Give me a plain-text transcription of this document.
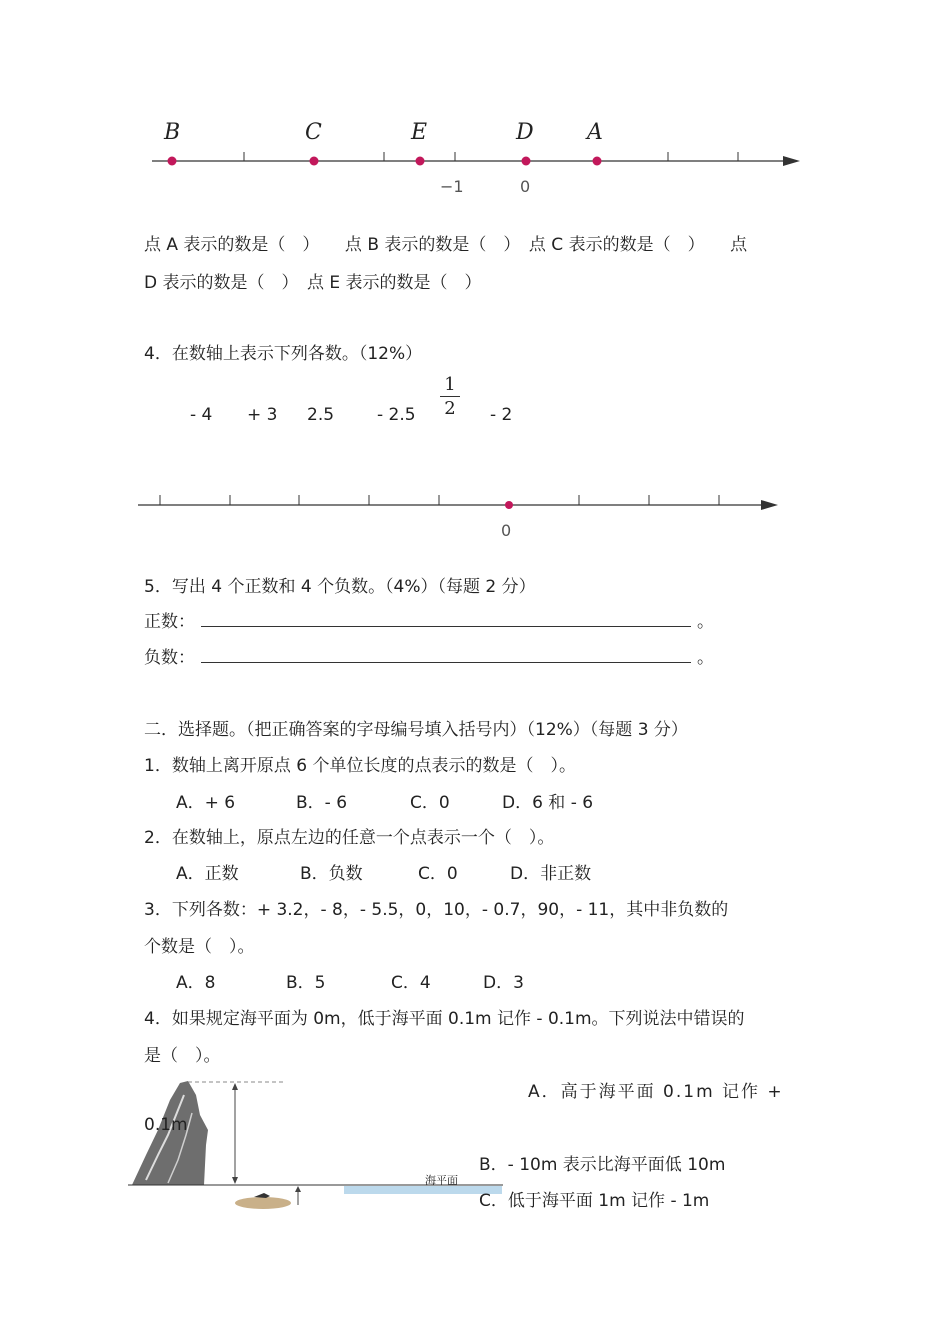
B	C	E	D A
−1	0
点 A 表示的数是（　）　　点 B 表示的数是（　）　点 C 表示的数是（　）　　点
D 表示的数是（　）　点 E 表示的数是（　）
4．在数轴上表示下列各数。（12%）
- 4 + 3 2.5	- 2.5
1
2 - 2
0
5．写出 4 个正数和 4 个负数。（4%）（每题 2 分）
正数：	。
负数：	。
二．选择题。（把正确答案的字母编号填入括号内）（12%）（每题 3 分）
1．数轴上离开原点 6 个单位长度的点表示的数是（　）。
A．+ 6	B．- 6	C．0	D．6 和 - 6
2．在数轴上，原点左边的任意一个点表示一个（　）。
A．正数	B．负数	C．0	D．非正数
3．下列各数：+ 3.2，- 8，- 5.5，0，10，- 0.7，90，- 11，其中非负数的
个数是（　）。
A．8	B．5	C．4	D．3
4．如果规定海平面为 0m，低于海平面 0.1m 记作 - 0.1m。下列说法中错误的
是（　）。
海平面
A．高于海平面 0.1m 记作 +
0.1m
B．- 10m 表示比海平面低 10m
C．低于海平面 1m 记作 - 1m
